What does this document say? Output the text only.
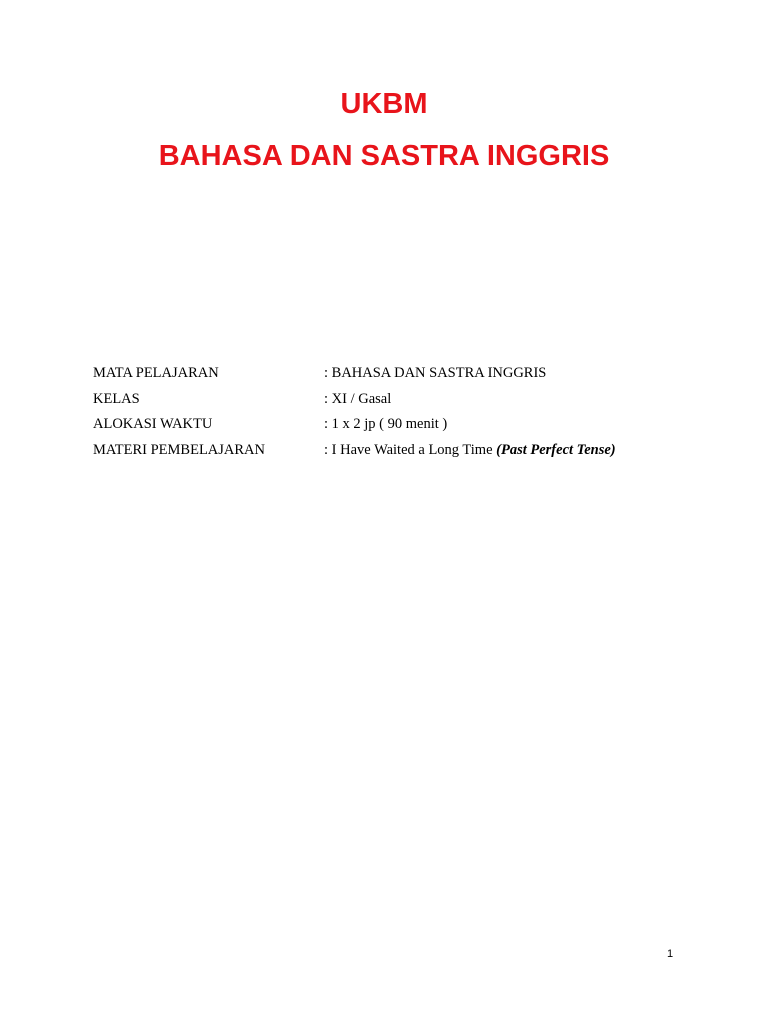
UKBM
BAHASA DAN SASTRA INGGRIS
MATA PELAJARAN	: BAHASA DAN SASTRA INGGRIS
KELAS	: XI / Gasal
ALOKASI WAKTU	: 1 x 2 jp ( 90 menit )
MATERI PEMBELAJARAN	: I Have Waited a Long Time (Past Perfect Tense)
1
